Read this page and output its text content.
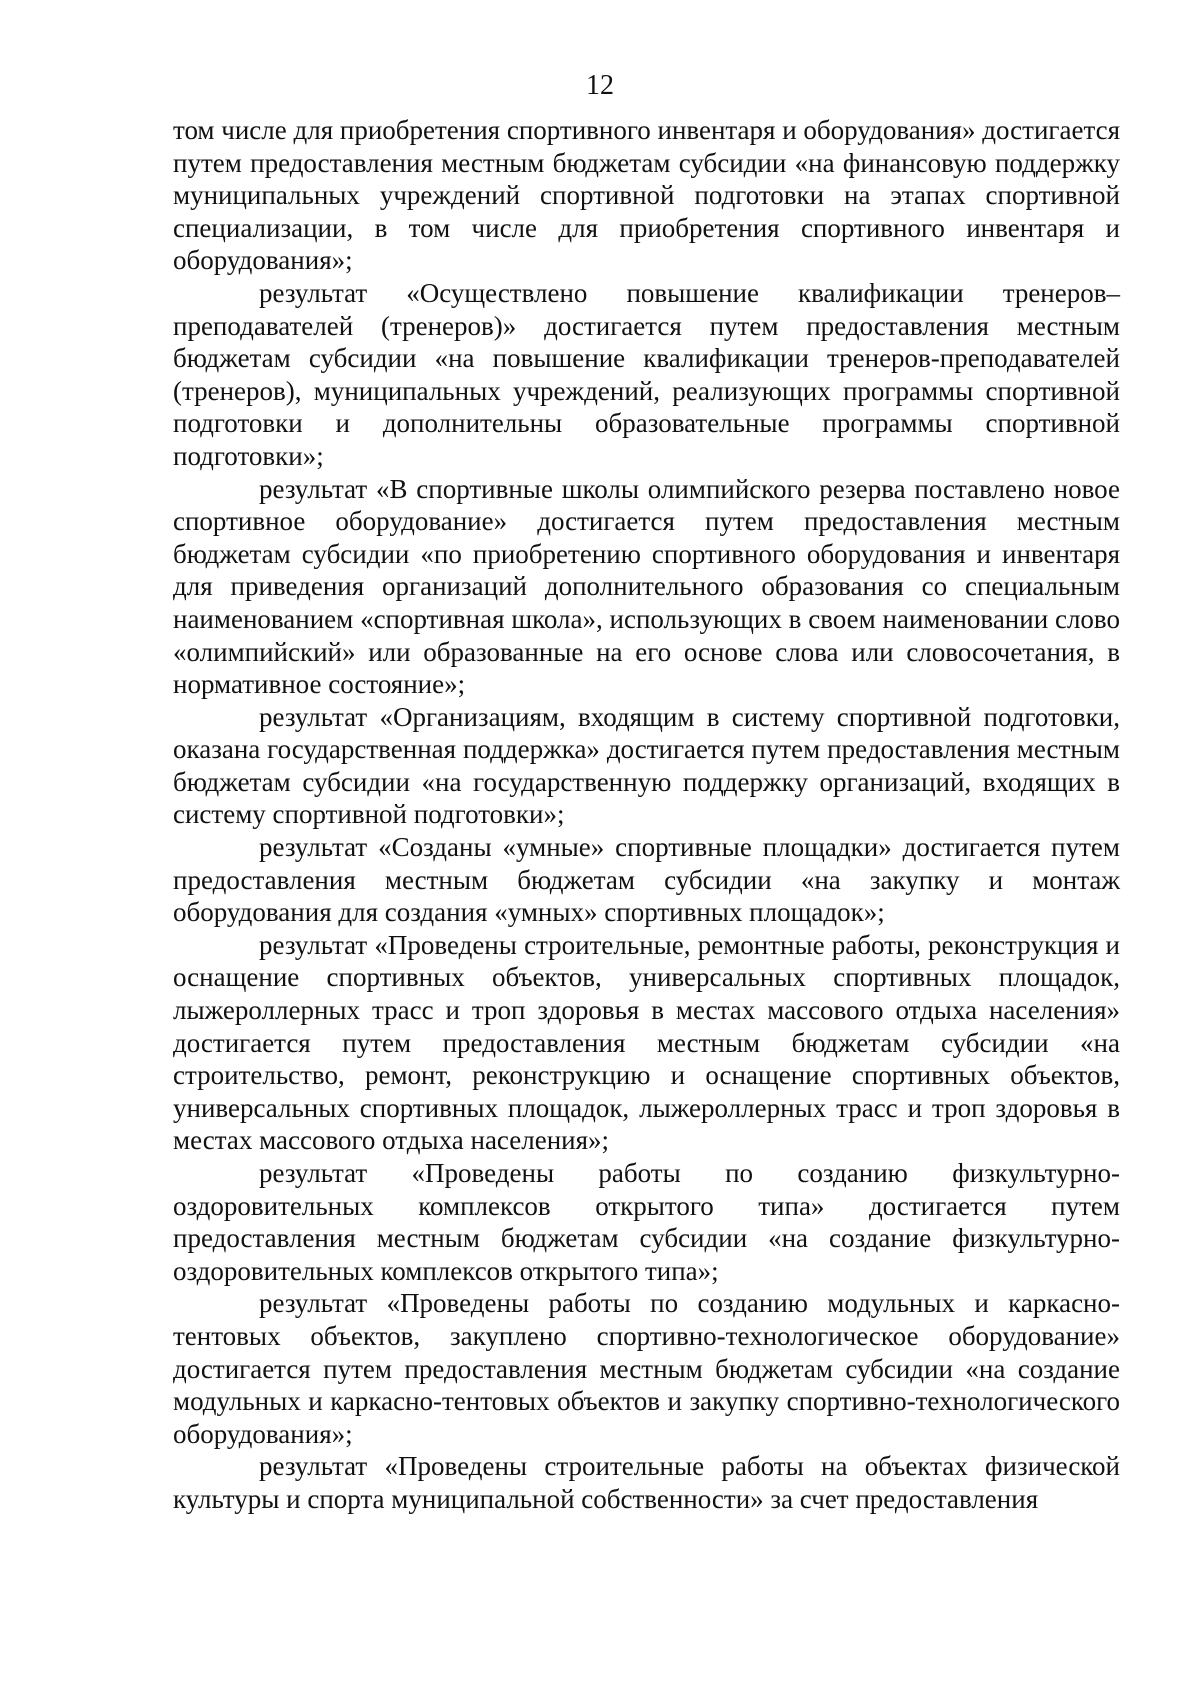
12

том числе для приобретения спортивного инвентаря и оборудования» достигается путем предоставления местным бюджетам субсидии «на финансовую поддержку муниципальных учреждений спортивной подготовки на этапах спортивной специализации, в том числе для приобретения спортивного инвентаря и оборудования»;

результат «Осуществлено повышение квалификации тренеров–преподавателей (тренеров)» достигается путем предоставления местным бюджетам субсидии «на повышение квалификации тренеров-преподавателей (тренеров), муниципальных учреждений, реализующих программы спортивной подготовки и дополнительны образовательные программы спортивной подготовки»;

результат «В спортивные школы олимпийского резерва поставлено новое спортивное оборудование» достигается путем предоставления местным бюджетам субсидии «по приобретению спортивного оборудования и инвентаря для приведения организаций дополнительного образования со специальным наименованием «спортивная школа», использующих в своем наименовании слово «олимпийский» или образованные на его основе слова или словосочетания, в нормативное состояние»;

результат «Организациям, входящим в систему спортивной подготовки, оказана государственная поддержка» достигается путем предоставления местным бюджетам субсидии «на государственную поддержку организаций, входящих в систему спортивной подготовки»;

результат «Созданы «умные» спортивные площадки» достигается путем предоставления местным бюджетам субсидии «на закупку и монтаж оборудования для создания «умных» спортивных площадок»;

результат «Проведены строительные, ремонтные работы, реконструкция и оснащение спортивных объектов, универсальных спортивных площадок, лыжероллерных трасс и троп здоровья в местах массового отдыха населения» достигается путем предоставления местным бюджетам субсидии «на строительство, ремонт, реконструкцию и оснащение спортивных объектов, универсальных спортивных площадок, лыжероллерных трасс и троп здоровья в местах массового отдыха населения»;

результат «Проведены работы по созданию физкультурно-оздоровительных комплексов открытого типа» достигается путем предоставления местным бюджетам субсидии «на создание физкультурно-оздоровительных комплексов открытого типа»;

результат «Проведены работы по созданию модульных и каркасно-тентовых объектов, закуплено спортивно-технологическое оборудование» достигается путем предоставления местным бюджетам субсидии «на создание модульных и каркасно-тентовых объектов и закупку спортивно-технологического оборудования»;

результат «Проведены строительные работы на объектах физической культуры и спорта муниципальной собственности» за счет предоставления
